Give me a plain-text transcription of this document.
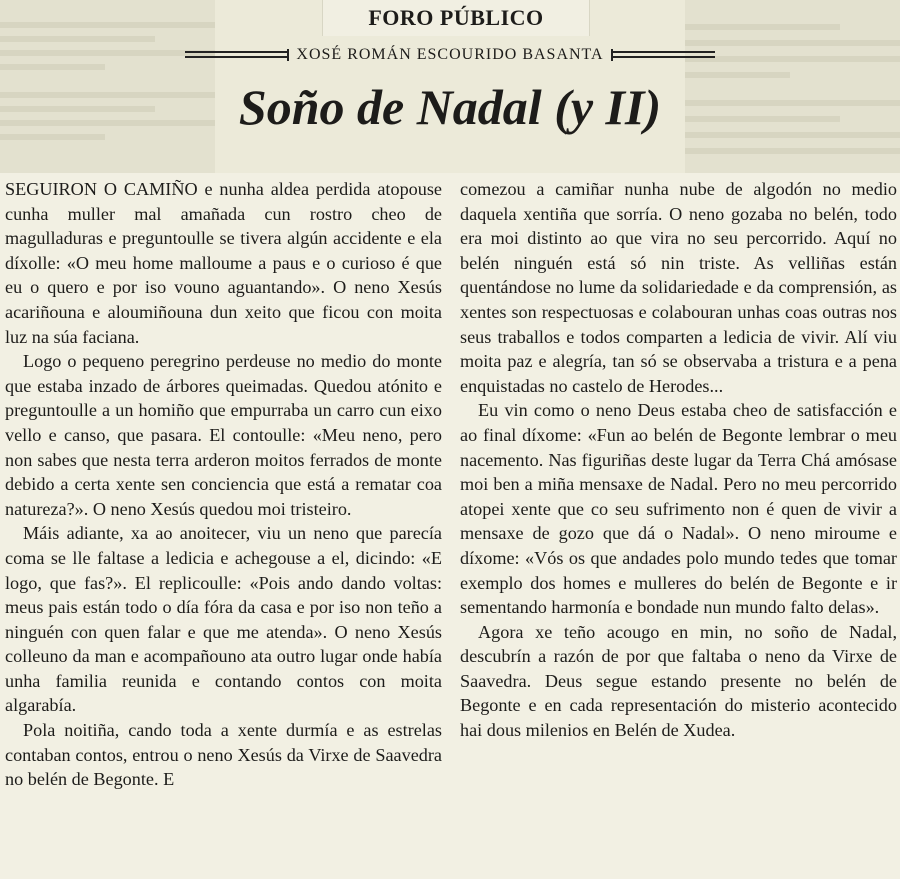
FORO PÚBLICO
XOSÉ ROMÁN ESCOURIDO BASANTA
Soño de Nadal (y II)

SEGUIRON O CAMIÑO e nunha aldea perdida atopouse cunha muller mal amañada cun rostro cheo de magulladuras e preguntoulle se tivera algún accidente e ela díxolle: «O meu home malloume a paus e o curioso é que eu o quero e por iso vouno aguantando». O neno Xesús acariñouna e aloumiñouna dun xeito que ficou con moita luz na súa faciana.

Logo o pequeno peregrino perdeuse no medio do monte que estaba inzado de árbores queimadas. Quedou atónito e preguntoulle a un homiño que empurraba un carro cun eixo vello e canso, que pasara. El contoulle: «Meu neno, pero non sabes que nesta terra arderon moitos ferrados de monte debido a certa xente sen conciencia que está a rematar coa natureza?». O neno Xesús quedou moi tristeiro.

Máis adiante, xa ao anoitecer, viu un neno que parecía coma se lle faltase a ledicia e achegouse a el, dicindo: «E logo, que fas?». El replicoulle: «Pois ando dando voltas: meus pais están todo o día fóra da casa e por iso non teño a ninguén con quen falar e que me atenda». O neno Xesús colleuno da man e acompañouno ata outro lugar onde había unha familia reunida e contando contos con moita algarabía.

Pola noitiña, cando toda a xente durmía e as estrelas contaban contos, entrou o neno Xesús da Virxe de Saavedra no belén de Begonte. E

comezou a camiñar nunha nube de algodón no medio daquela xentiña que sorría. O neno gozaba no belén, todo era moi distinto ao que vira no seu percorrido. Aquí no belén ninguén está só nin triste. As velliñas están quentándose no lume da solidariedade e da comprensión, as xentes son respectuosas e colabouran unhas coas outras nos seus traballos e todos comparten a ledicia de vivir. Alí viu moita paz e alegría, tan só se observaba a tristura e a pena enquistadas no castelo de Herodes...

Eu vin como o neno Deus estaba cheo de satisfacción e ao final díxome: «Fun ao belén de Begonte lembrar o meu nacemento. Nas figuriñas deste lugar da Terra Chá amósase moi ben a miña mensaxe de Nadal. Pero no meu percorrido atopei xente que co seu sufrimento non é quen de vivir a mensaxe de gozo que dá o Nadal». O neno miroume e díxome: «Vós os que andades polo mundo tedes que tomar exemplo dos homes e mulleres do belén de Begonte e ir sementando harmonía e bondade nun mundo falto delas».

Agora xe teño acougo en min, no soño de Nadal, descubrín a razón de por que faltaba o neno da Virxe de Saavedra. Deus segue estando presente no belén de Begonte e en cada representación do misterio acontecido hai dous milenios en Belén de Xudea.
